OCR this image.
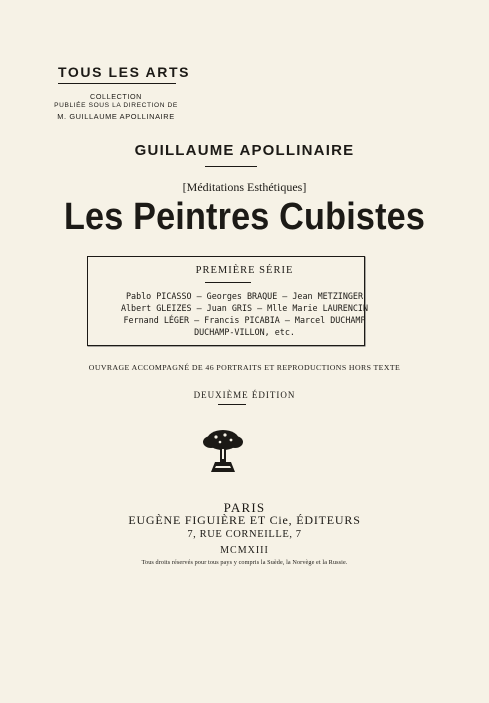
TOUS LES ARTS
COLLECTION
PUBLIÉE SOUS LA DIRECTION DE
M. GUILLAUME APOLLINAIRE
GUILLAUME APOLLINAIRE
[Méditations Esthétiques]
Les Peintres Cubistes
PREMIÈRE SÉRIE
Pablo PICASSO — Georges BRAQUE — Jean METZINGER
Albert GLEIZES — Juan GRIS — Mlle Marie LAURENCIN
Fernand LÉGER — Francis PICABIA — Marcel DUCHAMP
DUCHAMP-VILLON, etc.
OUVRAGE ACCOMPAGNÉ DE 46 PORTRAITS ET REPRODUCTIONS HORS TEXTE
DEUXIÈME ÉDITION
PARIS
EUGÈNE FIGUIÈRE ET Cie, ÉDITEURS
7, RUE CORNEILLE, 7
MCMXIII
Tous droits réservés pour tous pays y compris la Suède, la Norvège et la Russie.
